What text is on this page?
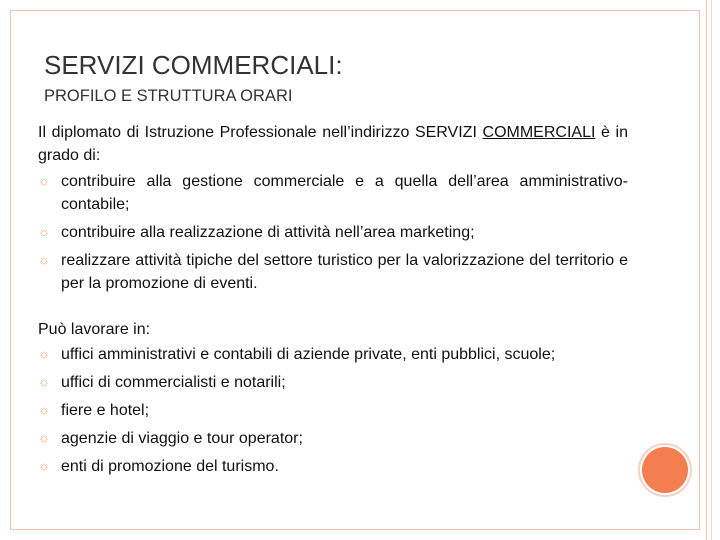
SERVIZI COMMERCIALI:
PROFILO E STRUTTURA ORARI

Il diplomato di Istruzione Professionale nell’indirizzo SERVIZI COMMERCIALI è in grado di:

☼ contribuire alla gestione commerciale e a quella dell’area amministrativo-contabile;
☼ contribuire alla realizzazione di attività nell’area marketing;
☼ realizzare attività tipiche del settore turistico per la valorizzazione del territorio e per la promozione di eventi.

Può lavorare in:

☼ uffici amministrativi e contabili di aziende private, enti pubblici, scuole;
☼ uffici di commercialisti e notarili;
☼ fiere e hotel;
☼ agenzie di viaggio e tour operator;
☼ enti di promozione del turismo.
